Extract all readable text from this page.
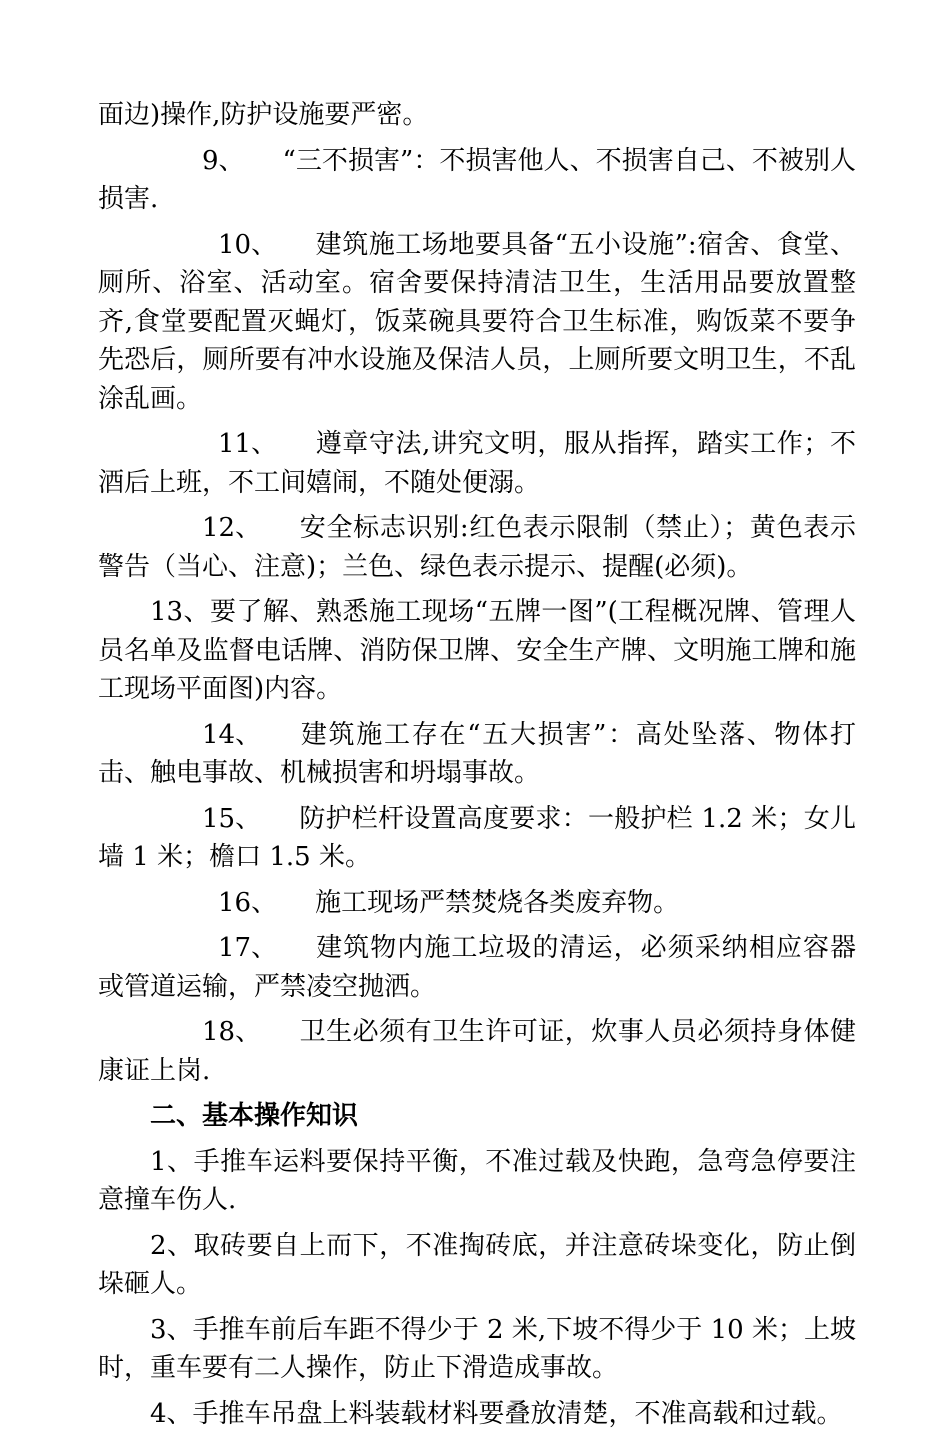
面边)操作,防护设施要严密。

9、 “三不损害”：不损害他人、不损害自己、不被别人损害.

10、 建筑施工场地要具备“五小设施”:宿舍、食堂、厕所、浴室、活动室。宿舍要保持清洁卫生，生活用品要放置整齐,食堂要配置灭蝇灯，饭菜碗具要符合卫生标准，购饭菜不要争先恐后，厕所要有冲水设施及保洁人员，上厕所要文明卫生，不乱涂乱画。

11、 遵章守法,讲究文明，服从指挥，踏实工作；不酒后上班，不工间嬉闹，不随处便溺。

12、 安全标志识别:红色表示限制（禁止）；黄色表示警告（当心、注意)；兰色、绿色表示提示、提醒(必须)。

13、要了解、熟悉施工现场“五牌一图”(工程概况牌、管理人员名单及监督电话牌、消防保卫牌、安全生产牌、文明施工牌和施工现场平面图)内容。

14、 建筑施工存在“五大损害”：高处坠落、物体打击、触电事故、机械损害和坍塌事故。

15、 防护栏杆设置高度要求：一般护栏 1.2 米；女儿墙 1 米；檐口 1.5 米。

16、 施工现场严禁焚烧各类废弃物。

17、 建筑物内施工垃圾的清运，必须采纳相应容器或管道运输，严禁凌空抛洒。

18、 卫生必须有卫生许可证，炊事人员必须持身体健康证上岗.

二、基本操作知识

1、手推车运料要保持平衡，不准过载及快跑，急弯急停要注意撞车伤人.

2、取砖要自上而下，不准掏砖底，并注意砖垛变化，防止倒垛砸人。

3、手推车前后车距不得少于 2 米,下坡不得少于 10 米；上坡时，重车要有二人操作，防止下滑造成事故。

4、手推车吊盘上料装载材料要叠放清楚，不准高载和过载。
